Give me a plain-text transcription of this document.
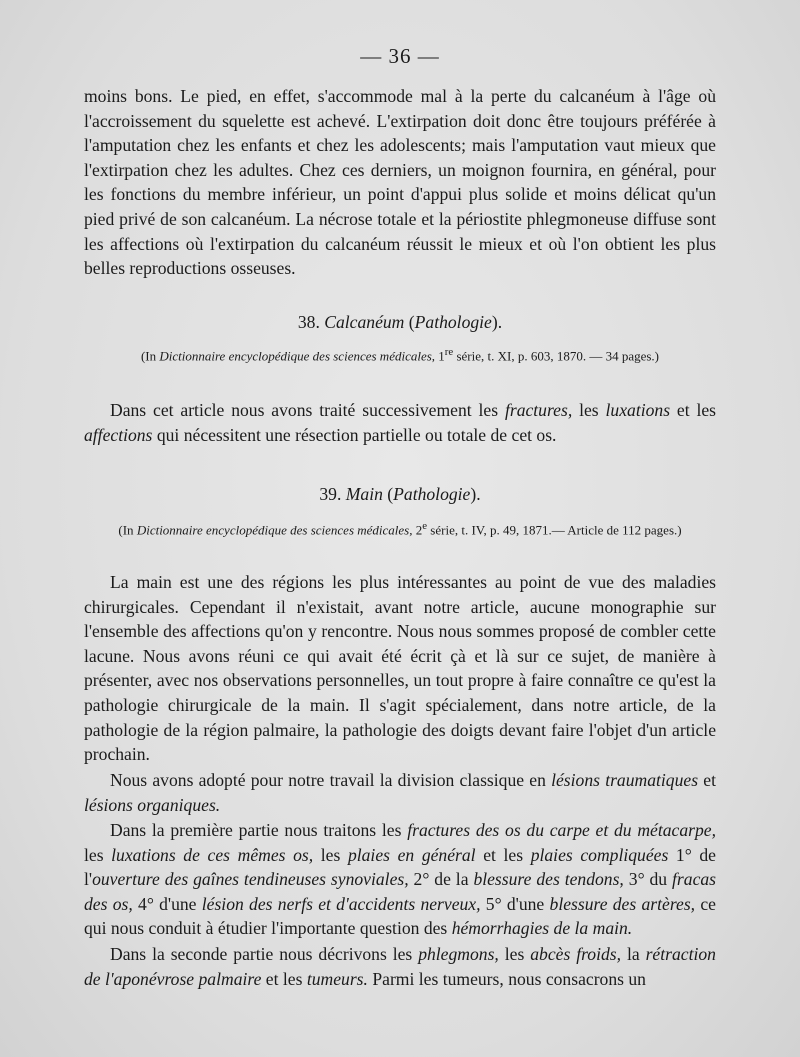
— 36 —

moins bons. Le pied, en effet, s'accommode mal à la perte du calcanéum à l'âge où l'accroissement du squelette est achevé. L'extirpation doit donc être toujours préférée à l'amputation chez les enfants et chez les adolescents; mais l'amputation vaut mieux que l'extirpation chez les adultes. Chez ces derniers, un moignon fournira, en général, pour les fonctions du membre inférieur, un point d'appui plus solide et moins délicat qu'un pied privé de son calcanéum. La nécrose totale et la périostite phlegmoneuse diffuse sont les affections où l'extirpation du calcanéum réussit le mieux et où l'on obtient les plus belles reproductions osseuses.

38. Calcanéum (Pathologie).
(In Dictionnaire encyclopédique des sciences médicales, 1re série, t. XI, p. 603, 1870. — 34 pages.)

Dans cet article nous avons traité successivement les fractures, les luxations et les affections qui nécessitent une résection partielle ou totale de cet os.

39. Main (Pathologie).
(In Dictionnaire encyclopédique des sciences médicales, 2e série, t. IV, p. 49, 1871.— Article de 112 pages.)

La main est une des régions les plus intéressantes au point de vue des maladies chirurgicales. Cependant il n'existait, avant notre article, aucune monographie sur l'ensemble des affections qu'on y rencontre. Nous nous sommes proposé de combler cette lacune. Nous avons réuni ce qui avait été écrit çà et là sur ce sujet, de manière à présenter, avec nos observations personnelles, un tout propre à faire connaître ce qu'est la pathologie chirurgicale de la main. Il s'agit spécialement, dans notre article, de la pathologie de la région palmaire, la pathologie des doigts devant faire l'objet d'un article prochain.

Nous avons adopté pour notre travail la division classique en lésions traumatiques et lésions organiques.

Dans la première partie nous traitons les fractures des os du carpe et du métacarpe, les luxations de ces mêmes os, les plaies en général et les plaies compliquées 1° de l'ouverture des gaînes tendineuses synoviales, 2° de la blessure des tendons, 3° du fracas des os, 4° d'une lésion des nerfs et d'accidents nerveux, 5° d'une blessure des artères, ce qui nous conduit à étudier l'importante question des hémorrhagies de la main.

Dans la seconde partie nous décrivons les phlegmons, les abcès froids, la rétraction de l'aponévrose palmaire et les tumeurs. Parmi les tumeurs, nous consacrons un
